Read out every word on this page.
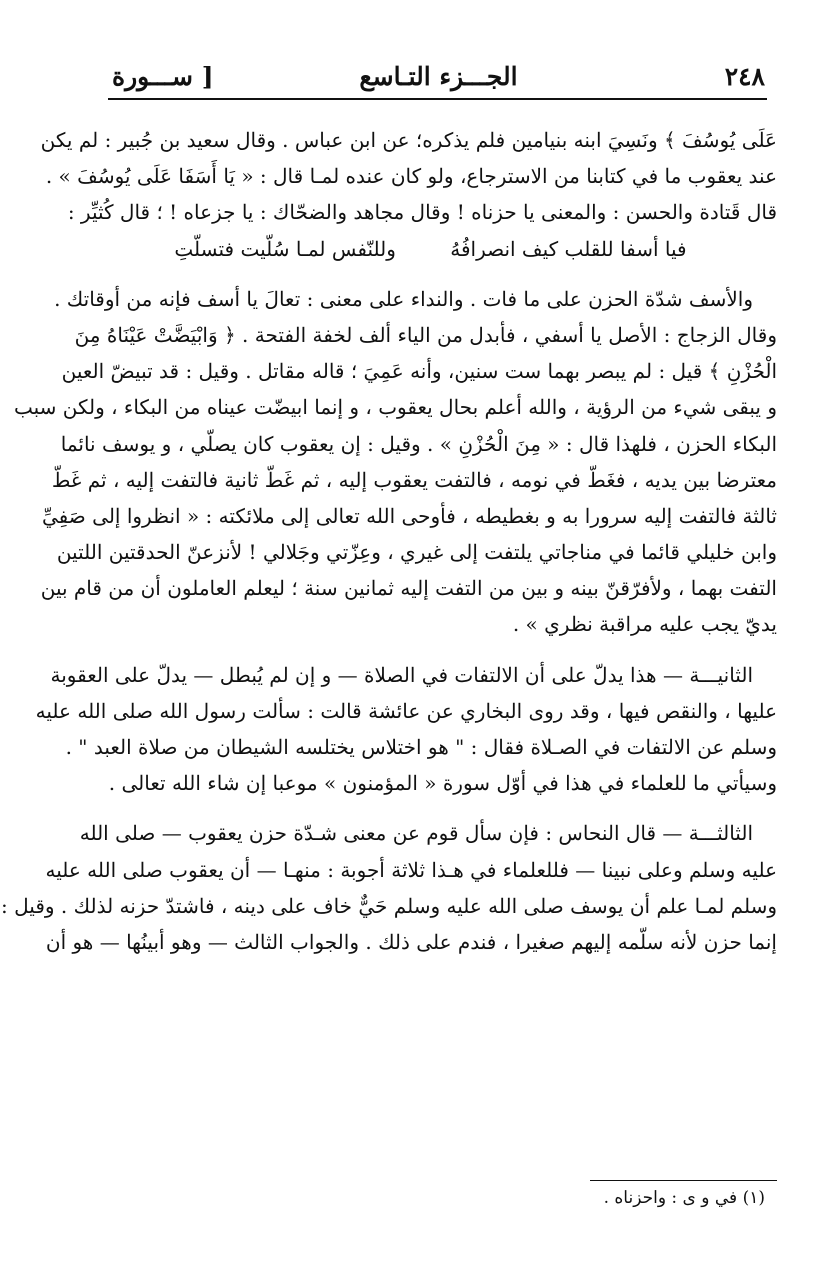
٢٤٨
الجـــزء التـاسع
[ ســـورة
عَلَى يُوسُفَ ﴾ ونَسِيَ ابنه بنيامين فلم يذكره؛ عن ابن عباس . وقال سعيد بن جُبير : لم يكن
عند يعقوب ما في كتابنا من الاسترجاع، ولو كان عنده لمـا قال : « يَا أَسَفَا عَلَى يُوسُفَ » .
قال قَتادة والحسن : والمعنى يا حزناه ! وقال مجاهد والضحّاك : يا جزعاه ! ؛ قال كُثيِّر :
فيا أسفا للقلب كيف انصرافُهُ وللنّفس لمـا سُلّيت فتسلّتِ
والأسف شدّة الحزن على ما فات . والنداء على معنى : تعالَ يا أسف فإنه من أوقاتك .
وقال الزجاج : الأصل يا أسفي ، فأبدل من الياء ألف لخفة الفتحة . ﴿ وَابْيَضَّتْ عَيْنَاهُ مِنَ
الْحُزْنِ ﴾ قيل : لم يبصر بهما ست سنين، وأنه عَمِيَ ؛ قاله مقاتل . وقيل : قد تبيضّ العين
و يبقى شيء من الرؤية ، والله أعلم بحال يعقوب ، و إنما ابيضّت عيناه من البكاء ، ولكن سبب
البكاء الحزن ، فلهذا قال : « مِنَ الْحُزْنِ » . وقيل : إن يعقوب كان يصلّي ، و يوسف نائما
معترضا بين يديه ، فغَطّ في نومه ، فالتفت يعقوب إليه ، ثم غَطّ ثانية فالتفت إليه ، ثم غَطّ
ثالثة فالتفت إليه سرورا به و بغطيطه ، فأوحى الله تعالى إلى ملائكته : « انظروا إلى صَفِيِّ
وابن خليلي قائما في مناجاتي يلتفت إلى غيري ، وعِزّتي وجَلالي ! لأنزعنّ الحدقتين اللتين
التفت بهما ، ولأفرّقنّ بينه و بين من التفت إليه ثمانين سنة ؛ ليعلم العاملون أن من قام بين
يديّ يجب عليه مراقبة نظري » .
الثانيـــة — هذا يدلّ على أن الالتفات في الصلاة — و إن لم يُبطل — يدلّ على العقوبة
عليها ، والنقص فيها ، وقد روى البخاري عن عائشة قالت : سألت رسول الله صلى الله عليه
وسلم عن الالتفات في الصـلاة فقال : " هو اختلاس يختلسه الشيطان من صلاة العبد " .
وسيأتي ما للعلماء في هذا في أوّل سورة « المؤمنون » موعبا إن شاء الله تعالى .
الثالثـــة — قال النحاس : فإن سأل قوم عن معنى شـدّة حزن يعقوب — صلى الله
عليه وسلم وعلى نبينا — فللعلماء في هـذا ثلاثة أجوبة : منهـا — أن يعقوب صلى الله عليه
وسلم لمـا علم أن يوسف صلى الله عليه وسلم حَيٌّ خاف على دينه ، فاشتدّ حزنه لذلك . وقيل :
إنما حزن لأنه سلّمه إليهم صغيرا ، فندم على ذلك . والجواب الثالث — وهو أبينُها — هو أن
(١) في و ى : واحزناه .
